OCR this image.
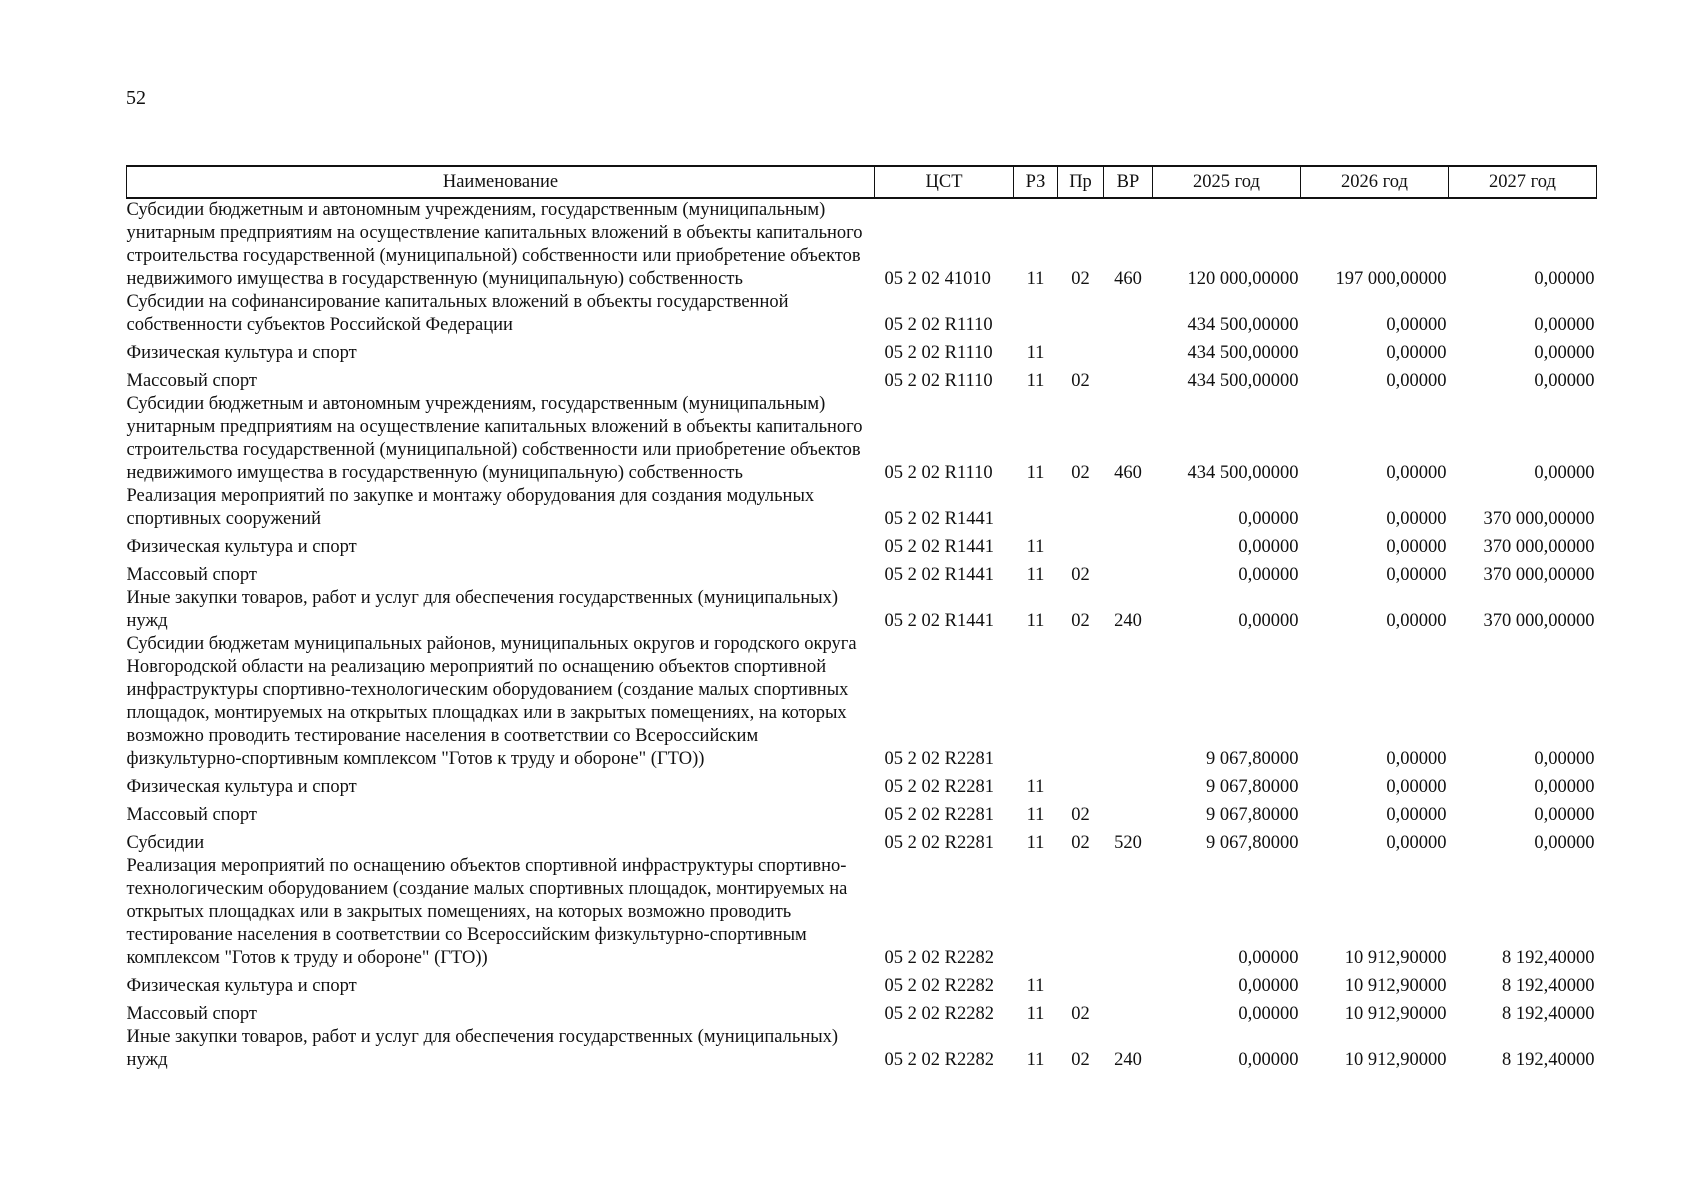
52
Наименование	ЦСТ	РЗ	Пр	ВР	2025 год	2026 год	2027 год
Субсидии бюджетным и автономным учреждениям, государственным (муниципальным) унитарным предприятиям на осуществление капитальных вложений в объекты капитального строительства государственной (муниципальной) собственности или приобретение объектов недвижимого имущества в государственную (муниципальную) собственность	05 2 02 41010	11	02	460	120 000,00000	197 000,00000	0,00000
Субсидии на софинансирование капитальных вложений в объекты государственной собственности субъектов Российской Федерации	05 2 02 R1110				434 500,00000	0,00000	0,00000
Физическая культура и спорт	05 2 02 R1110	11			434 500,00000	0,00000	0,00000
Массовый спорт	05 2 02 R1110	11	02		434 500,00000	0,00000	0,00000
Субсидии бюджетным и автономным учреждениям, государственным (муниципальным) унитарным предприятиям на осуществление капитальных вложений в объекты капитального строительства государственной (муниципальной) собственности или приобретение объектов недвижимого имущества в государственную (муниципальную) собственность	05 2 02 R1110	11	02	460	434 500,00000	0,00000	0,00000
Реализация мероприятий по закупке и монтажу оборудования для создания модульных спортивных сооружений	05 2 02 R1441				0,00000	0,00000	370 000,00000
Физическая культура и спорт	05 2 02 R1441	11			0,00000	0,00000	370 000,00000
Массовый спорт	05 2 02 R1441	11	02		0,00000	0,00000	370 000,00000
Иные закупки товаров, работ и услуг для обеспечения государственных (муниципальных) нужд	05 2 02 R1441	11	02	240	0,00000	0,00000	370 000,00000
Субсидии бюджетам муниципальных районов, муниципальных округов и городского округа Новгородской области на реализацию мероприятий по оснащению объектов спортивной инфраструктуры спортивно-технологическим оборудованием (создание малых спортивных площадок, монтируемых на открытых площадках или в закрытых помещениях, на которых возможно проводить тестирование населения в соответствии со Всероссийским физкультурно-спортивным комплексом "Готов к труду и обороне" (ГТО))	05 2 02 R2281				9 067,80000	0,00000	0,00000
Физическая культура и спорт	05 2 02 R2281	11			9 067,80000	0,00000	0,00000
Массовый спорт	05 2 02 R2281	11	02		9 067,80000	0,00000	0,00000
Субсидии	05 2 02 R2281	11	02	520	9 067,80000	0,00000	0,00000
Реализация мероприятий по оснащению объектов спортивной инфраструктуры спортивно-технологическим оборудованием (создание малых спортивных площадок, монтируемых на открытых площадках или в закрытых помещениях, на которых возможно проводить тестирование населения в соответствии со Всероссийским физкультурно-спортивным комплексом "Готов к труду и обороне" (ГТО))	05 2 02 R2282				0,00000	10 912,90000	8 192,40000
Физическая культура и спорт	05 2 02 R2282	11			0,00000	10 912,90000	8 192,40000
Массовый спорт	05 2 02 R2282	11	02		0,00000	10 912,90000	8 192,40000
Иные закупки товаров, работ и услуг для обеспечения государственных (муниципальных) нужд	05 2 02 R2282	11	02	240	0,00000	10 912,90000	8 192,40000
